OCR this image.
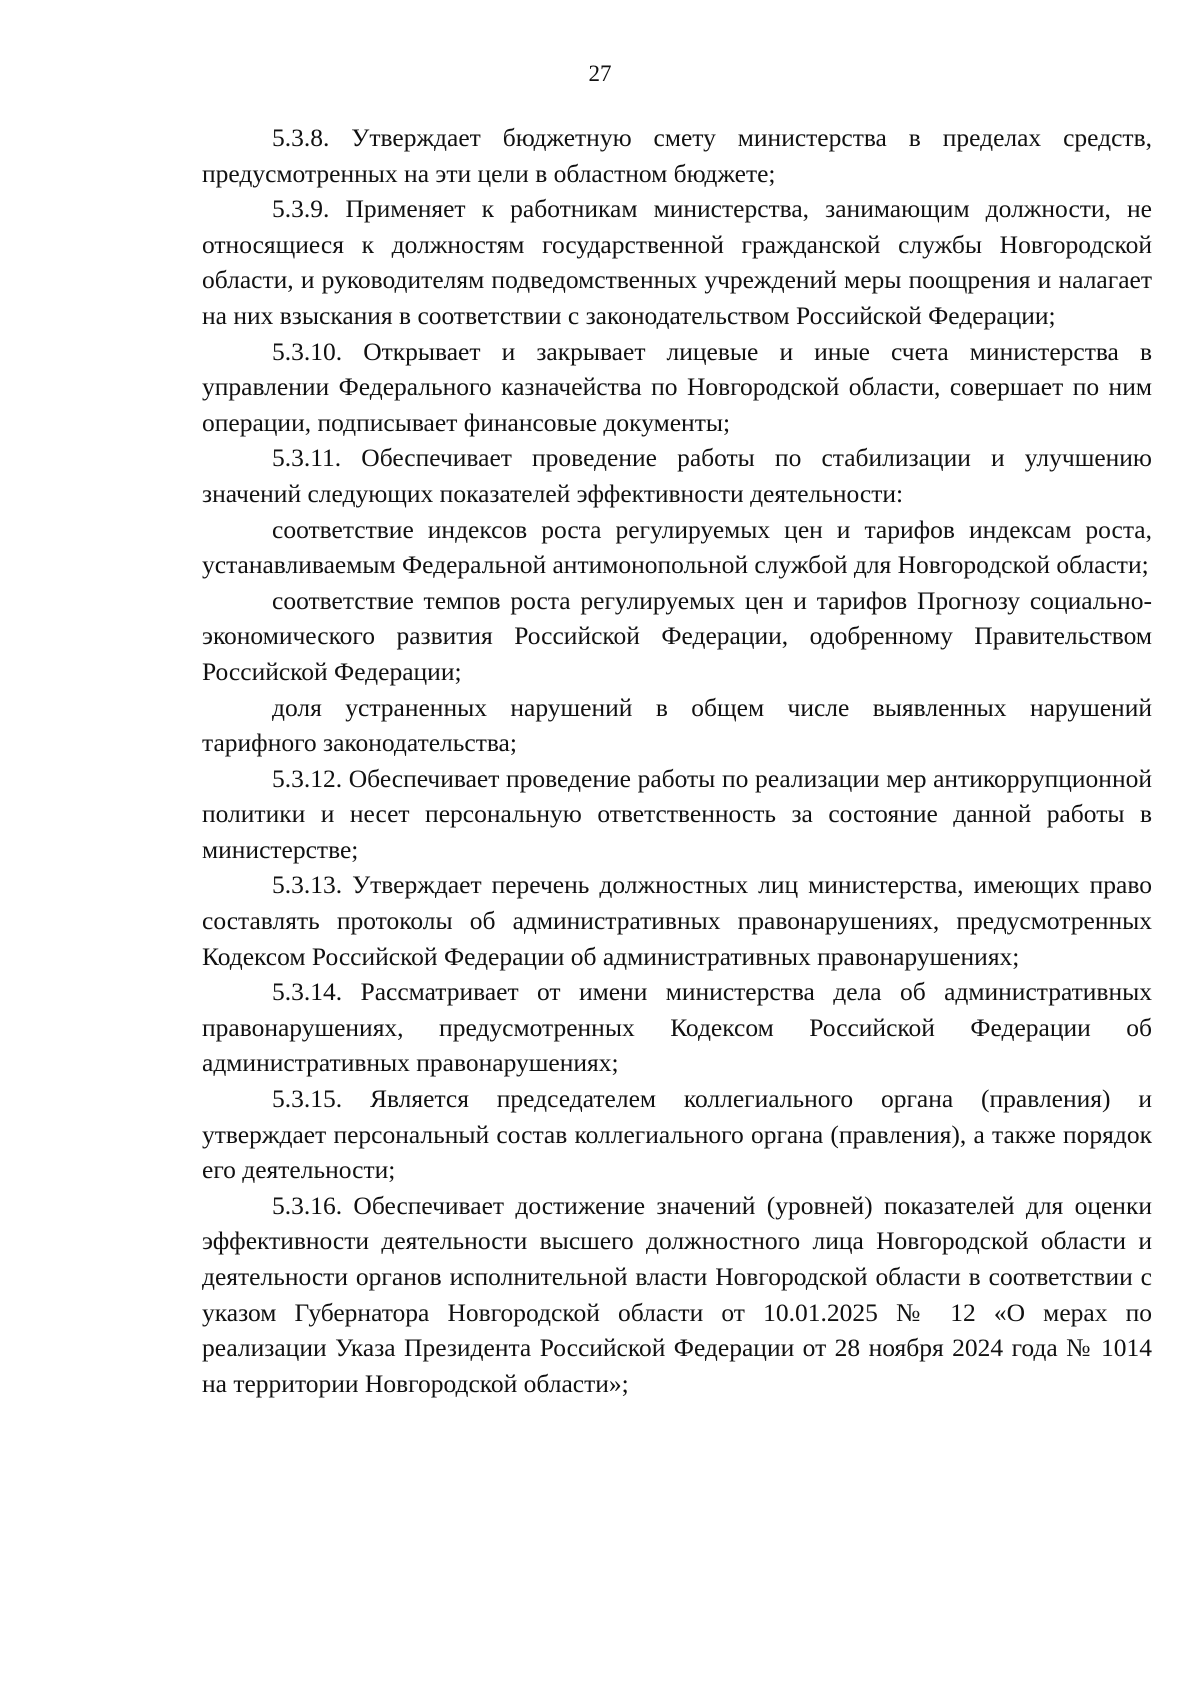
27

5.3.8. Утверждает бюджетную смету министерства в пределах средств, предусмотренных на эти цели в областном бюджете;

5.3.9. Применяет к работникам министерства, занимающим должности, не относящиеся к должностям государственной гражданской службы Новгородской области, и руководителям подведомственных учреждений меры поощрения и налагает на них взыскания в соответствии с законодательством Российской Федерации;

5.3.10. Открывает и закрывает лицевые и иные счета министерства в управлении Федерального казначейства по Новгородской области, совершает по ним операции, подписывает финансовые документы;

5.3.11. Обеспечивает проведение работы по стабилизации и улучшению значений следующих показателей эффективности деятельности:

соответствие индексов роста регулируемых цен и тарифов индексам роста, устанавливаемым Федеральной антимонопольной службой для Новгородской области;

соответствие темпов роста регулируемых цен и тарифов Прогнозу социально-экономического развития Российской Федерации, одобренному Правительством Российской Федерации;

доля устраненных нарушений в общем числе выявленных нарушений тарифного законодательства;

5.3.12. Обеспечивает проведение работы по реализации мер антикоррупционной политики и несет персональную ответственность за состояние данной работы в министерстве;

5.3.13. Утверждает перечень должностных лиц министерства, имеющих право составлять протоколы об административных правонарушениях, предусмотренных Кодексом Российской Федерации об административных правонарушениях;

5.3.14. Рассматривает от имени министерства дела об административных правонарушениях, предусмотренных Кодексом Российской Федерации об административных правонарушениях;

5.3.15. Является председателем коллегиального органа (правления) и утверждает персональный состав коллегиального органа (правления), а также порядок его деятельности;

5.3.16. Обеспечивает достижение значений (уровней) показателей для оценки эффективности деятельности высшего должностного лица Новгородской области и деятельности органов исполнительной власти Новгородской области в соответствии с указом Губернатора Новгородской области от 10.01.2025 № 12 «О мерах по реализации Указа Президента Российской Федерации от 28 ноября 2024 года № 1014 на территории Новгородской области»;
